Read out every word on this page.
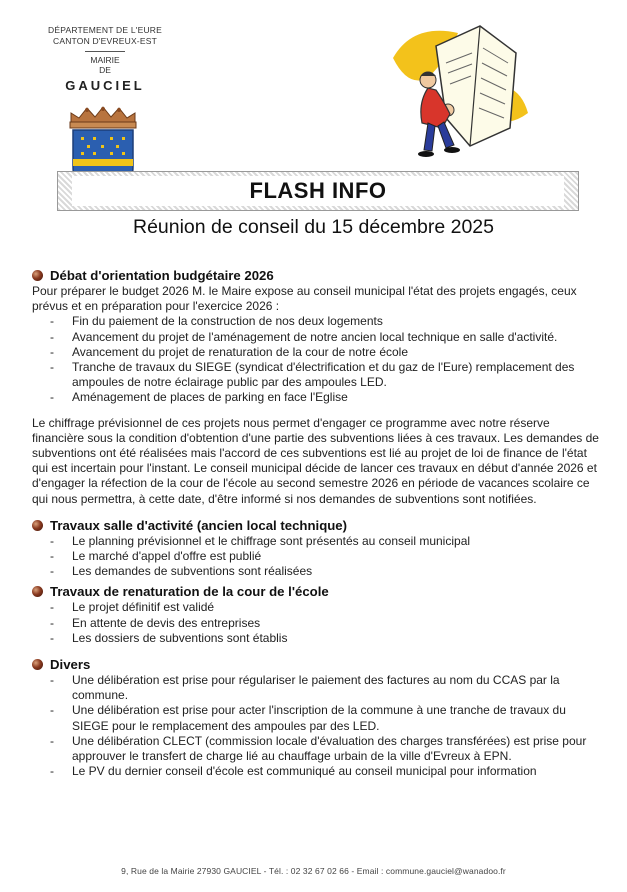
DÉPARTEMENT DE L'EURE
CANTON D'EVREUX-EST
MAIRIE
DE
GAUCIEL
FLASH INFO
Réunion de conseil du 15 décembre 2025
Débat d'orientation budgétaire 2026

Pour préparer le budget 2026 M. le Maire expose au conseil municipal l'état des projets engagés, ceux prévus et en préparation pour l'exercice 2026 :

- Fin du paiement de la construction de nos deux logements
- Avancement du projet de l'aménagement de notre ancien local technique en salle d'activité.
- Avancement du projet de renaturation de la cour de notre école
- Tranche de travaux du SIEGE (syndicat d'électrification et du gaz de l'Eure) remplacement des ampoules de notre éclairage public par des ampoules LED.
- Aménagement de places de parking en face l'Eglise

Le chiffrage prévisionnel de ces projets nous permet d'engager ce programme avec notre réserve financière sous la condition d'obtention d'une partie des subventions liées à ces travaux. Les demandes de subventions ont été réalisées mais l'accord de ces subventions est lié au projet de loi de finance de l'état qui est incertain pour l'instant. Le conseil municipal décide de lancer ces travaux en début d'année 2026 et d'engager la réfection de la cour de l'école au second semestre 2026 en période de vacances scolaire ce qui nous permettra, à cette date, d'être informé si nos demandes de subventions sont notifiées.

Travaux salle d'activité (ancien local technique)
- Le planning prévisionnel et le chiffrage sont présentés au conseil municipal
- Le marché d'appel d'offre est publié
- Les demandes de subventions sont réalisées
Travaux de renaturation de la cour de l'école
- Le projet définitif est validé
- En attente de devis des entreprises
- Les dossiers de subventions sont établis
Divers
- Une délibération est prise pour régulariser le paiement des factures au nom du CCAS par la commune.
- Une délibération est prise pour acter l'inscription de la commune à une tranche de travaux du SIEGE pour le remplacement des ampoules par des LED.
- Une délibération CLECT (commission locale d'évaluation des charges transférées) est prise pour approuver le transfert de charge lié au chauffage urbain de la ville d'Evreux à EPN.
- Le PV du dernier conseil d'école est communiqué au conseil municipal pour information
9, Rue de la Mairie 27930 GAUCIEL - Tél. : 02 32 67 02 66 - Email : commune.gauciel@wanadoo.fr
